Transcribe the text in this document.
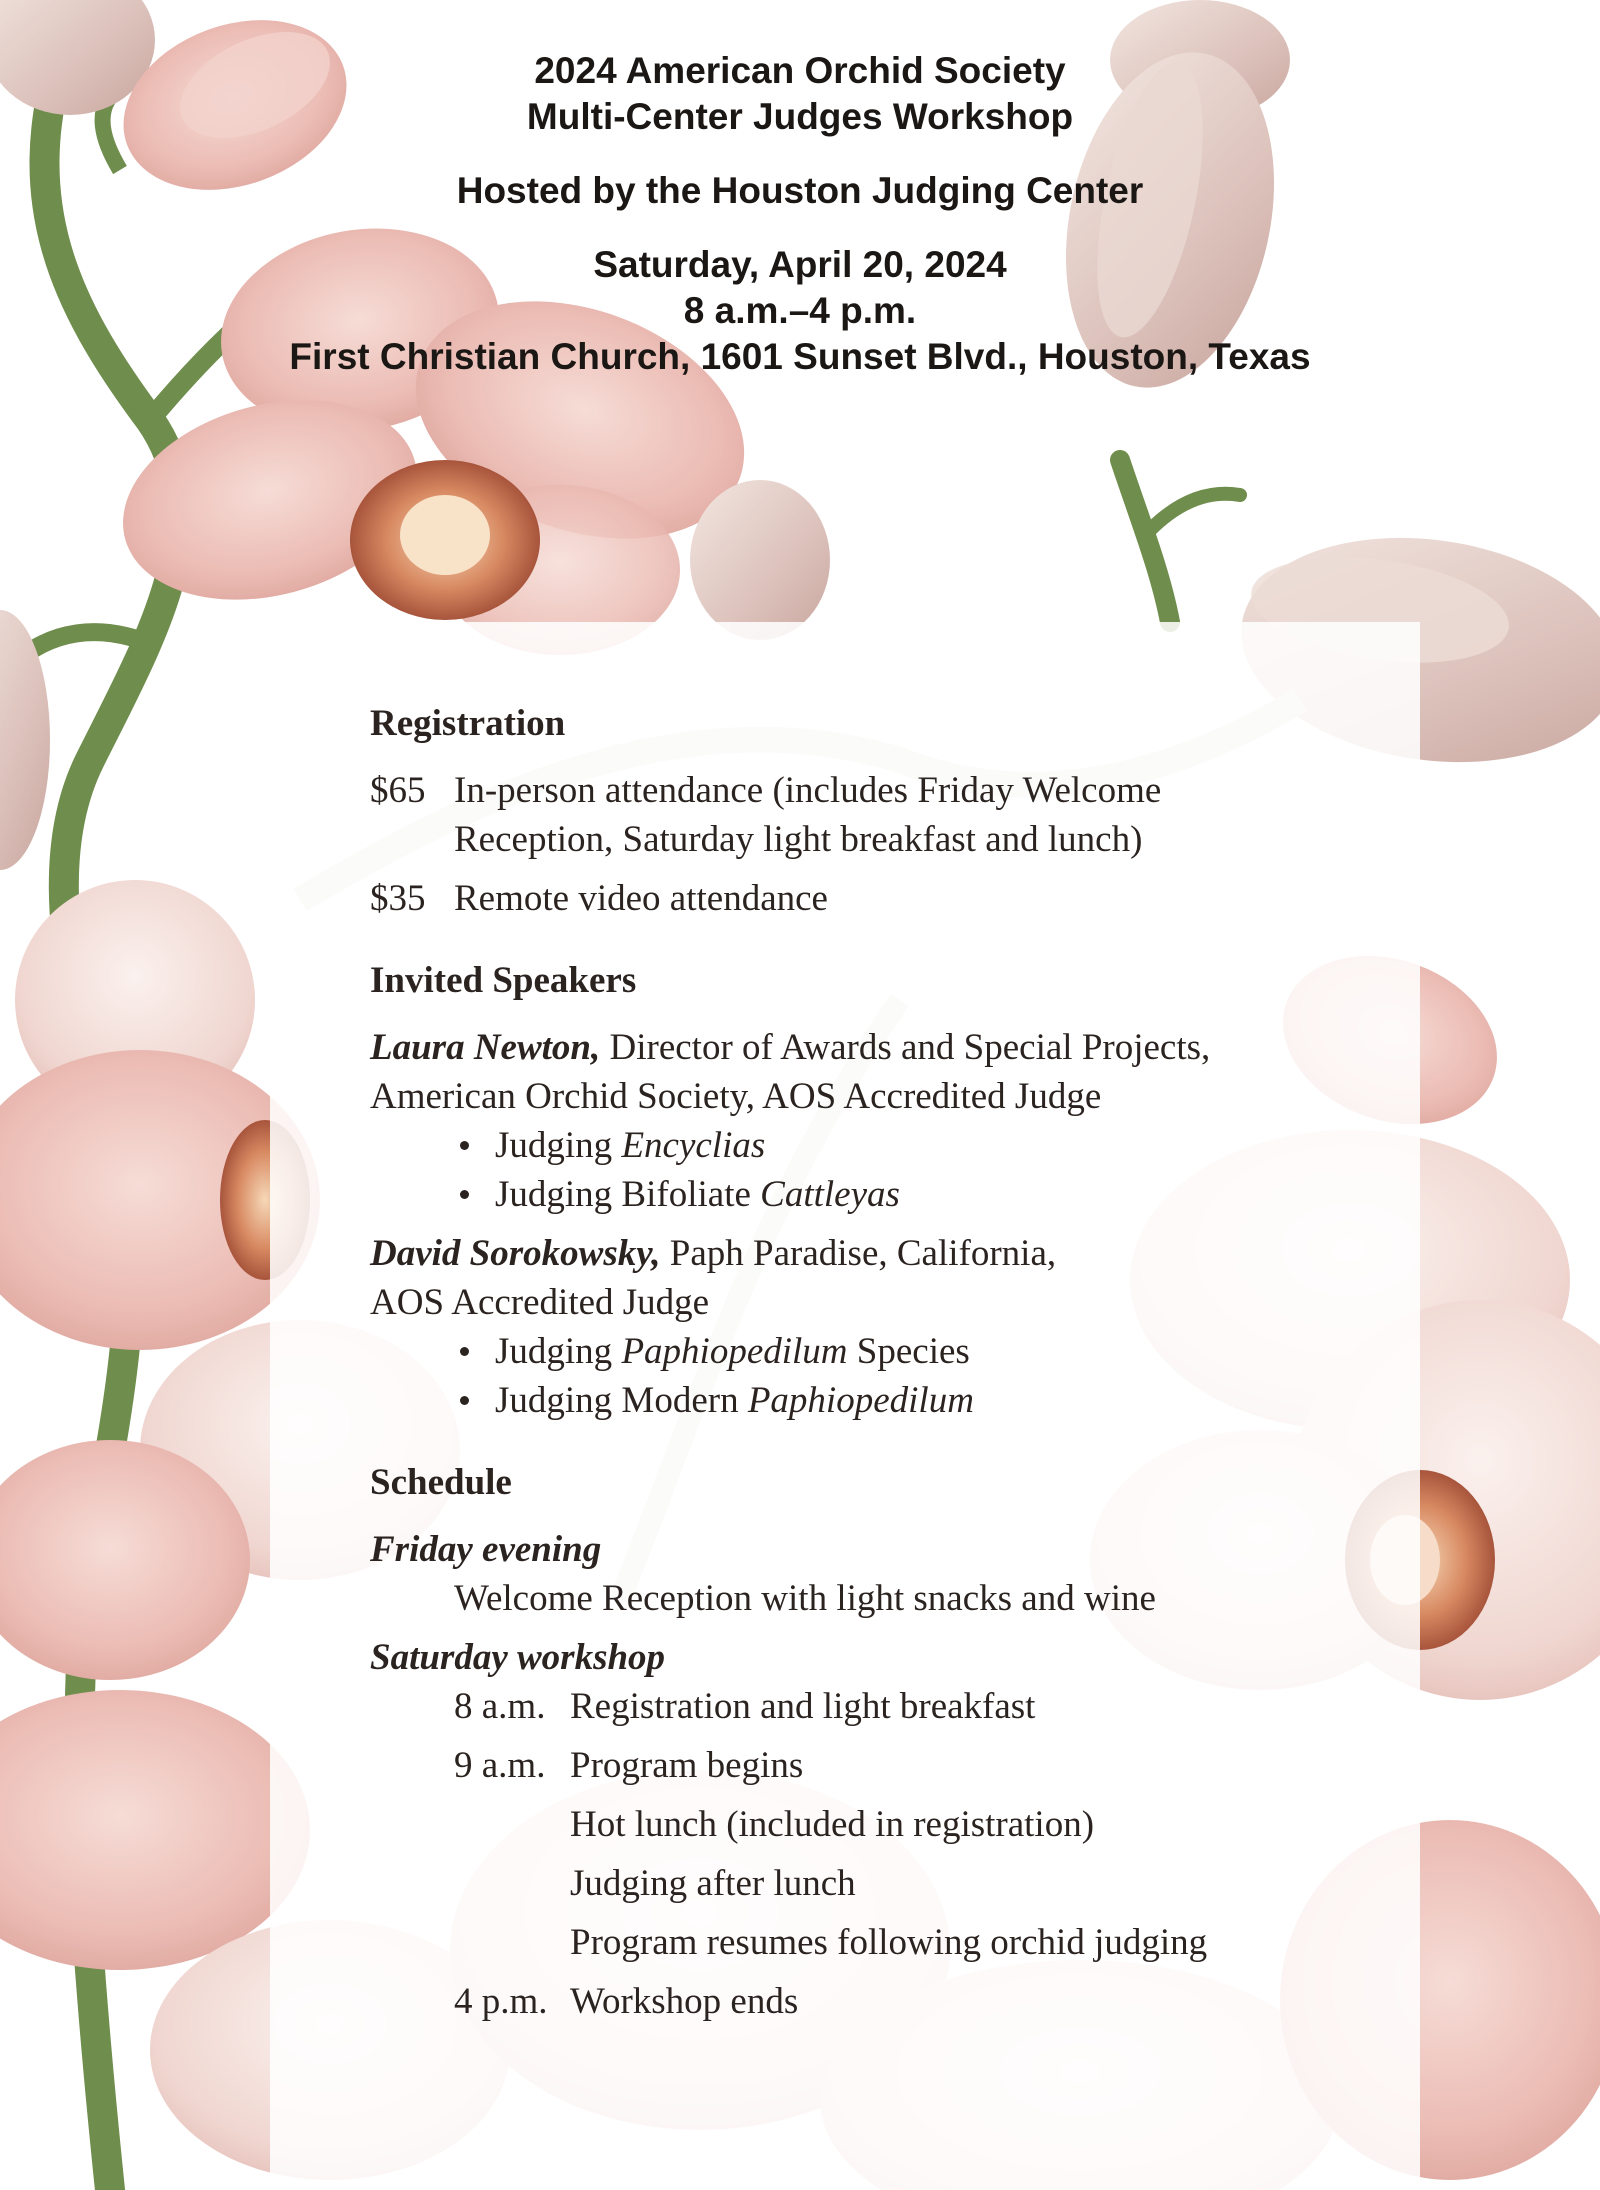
2024 American Orchid Society
Multi-Center Judges Workshop
Hosted by the Houston Judging Center
Saturday, April 20, 2024
8 a.m.–4 p.m.
First Christian Church, 1601 Sunset Blvd., Houston, Texas
Registration
$65 In-person attendance (includes Friday Welcome
Reception, Saturday light breakfast and lunch)
$35 Remote video attendance
Invited Speakers
Laura Newton, Director of Awards and Special Projects,
American Orchid Society, AOS Accredited Judge
Judging Encyclias
Judging Bifoliate Cattleyas
David Sorokowsky, Paph Paradise, California,
AOS Accredited Judge
Judging Paphiopedilum Species
Judging Modern Paphiopedilum
Schedule
Friday evening
Welcome Reception with light snacks and wine
Saturday workshop
8 a.m. Registration and light breakfast
9 a.m. Program begins
Hot lunch (included in registration)
Judging after lunch
Program resumes following orchid judging
4 p.m. Workshop ends
